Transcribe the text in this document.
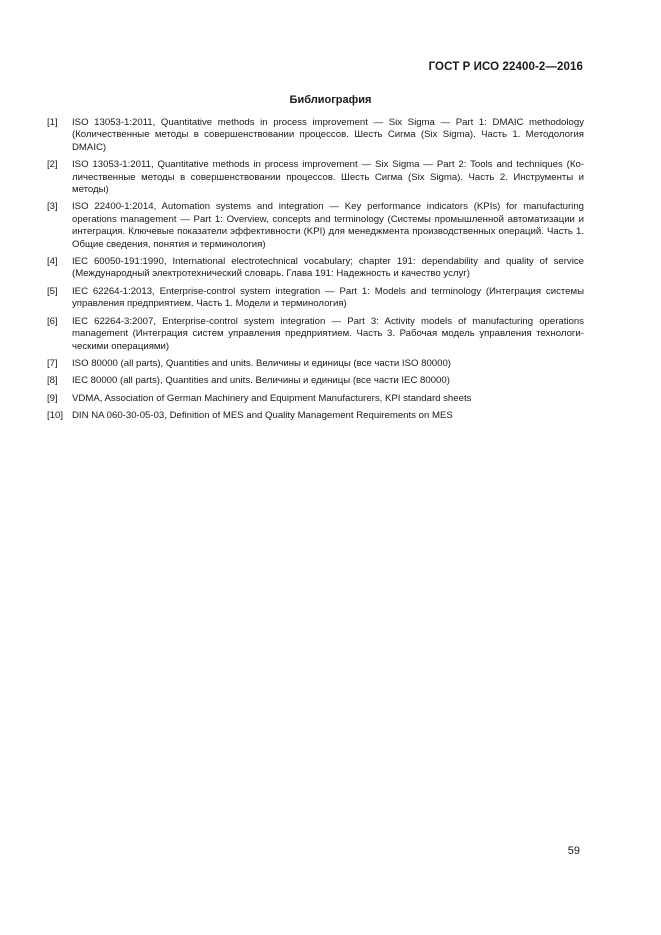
ГОСТ Р ИСО 22400-2—2016
Библиография
[1]	ISO 13053-1:2011, Quantitative methods in process improvement — Six Sigma — Part 1: DMAIC methodology (Количественные методы в совершенствовании процессов. Шесть Сигма (Six Sigma). Часть 1. Методология DMAIC)
[2]	ISO 13053-1:2011, Quantitative methods in process improvement — Six Sigma — Part 2: Tools and techniques (Количественные методы в совершенствовании процессов. Шесть Сигма (Six Sigma). Часть 2. Инструменты и методы)
[3]	ISO 22400-1:2014, Automation systems and integration — Key performance indicators (KPIs) for manufacturing operations management — Part 1: Overview, concepts and terminology (Системы промышленной автоматизации и интеграция. Ключевые показатели эффективности (KPI) для менеджмента производственных операций. Часть 1. Общие сведения, понятия и терминология)
[4]	IEC 60050-191:1990, International electrotechnical vocabulary; chapter 191: dependability and quality of service (Международный электротехнический словарь. Глава 191: Надежность и качество услуг)
[5]	IEC 62264-1:2013, Enterprise-control system integration — Part 1: Models and terminology (Интеграция системы управления предприятием. Часть 1. Модели и терминология)
[6]	IEC 62264-3:2007, Enterprise-control system integration — Part 3: Activity models of manufacturing operations management (Интеграция систем управления предприятием. Часть 3. Рабочая модель управления технологическими операциями)
[7]	ISO 80000 (all parts), Quantities and units. Величины и единицы (все части ISO 80000)
[8]	IEC 80000 (all parts), Quantities and units. Величины и единицы (все части IEC 80000)
[9]	VDMA, Association of German Machinery and Equipment Manufacturers, KPI standard sheets
[10] DIN NA 060-30-05-03, Definition of MES and Quality Management Requirements on MES
59
